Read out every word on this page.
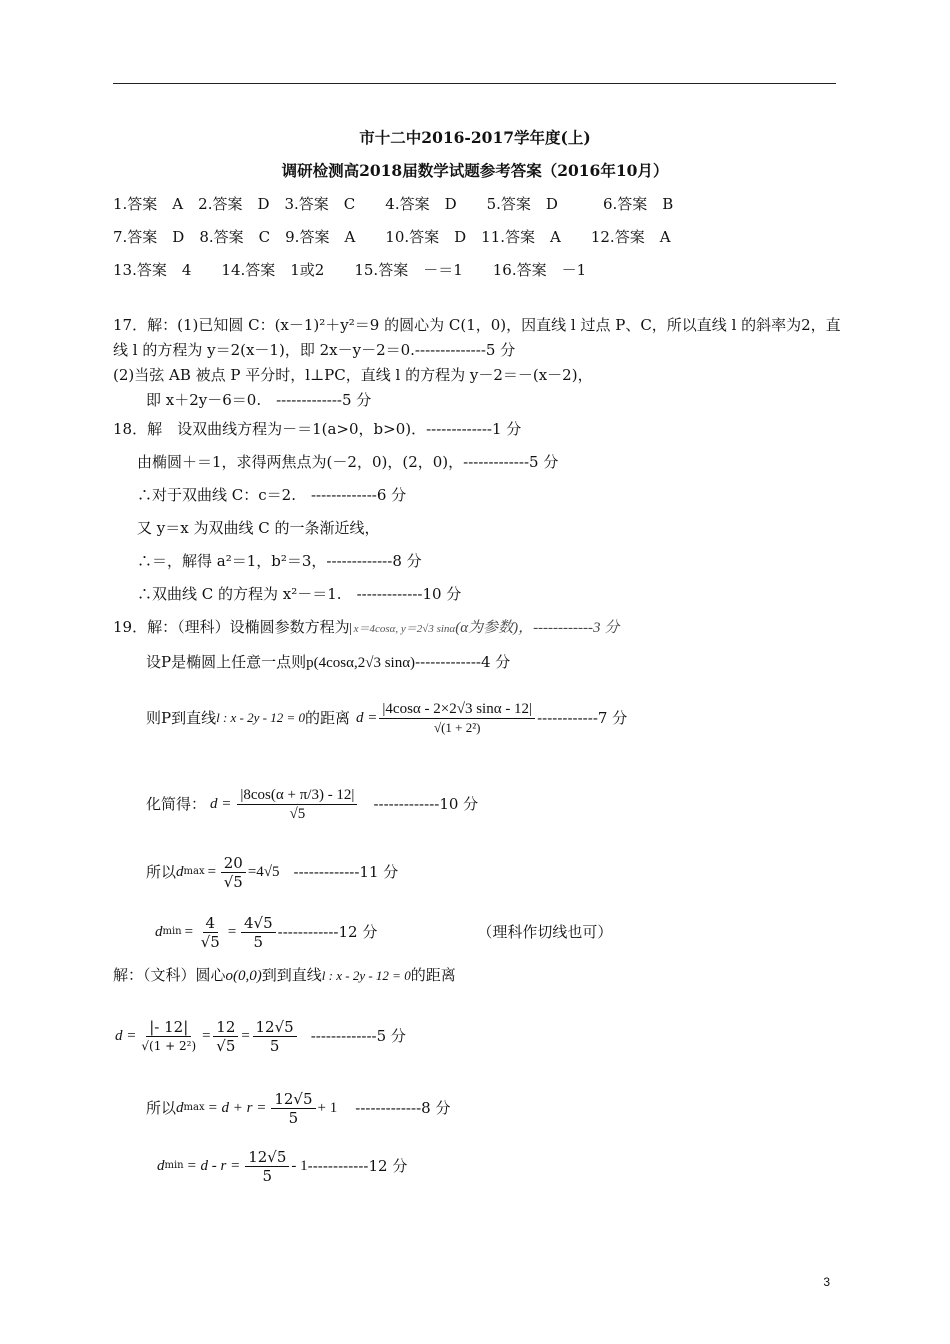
市十二中2016-2017学年度(上)
调研检测高2018届数学试题参考答案（2016年10月）
1.答案　A　2.答案　D　3.答案　C　　4.答案　D　　5.答案　D　　　6.答案　B
7.答案　D　8.答案　C　9.答案　A　　10.答案　D　11.答案　A　　12.答案　A
13.答案　4　　14.答案　1或2　　15.答案　－＝1　　16.答案　－1
17．解：(1)已知圆 C：(x－1)²＋y²＝9 的圆心为 C(1，0)，因直线 l 过点 P、C，所以直线 l 的斜率为2，直
线 l 的方程为 y＝2(x－1)，即 2x－y－2＝0.--------------5 分
(2)当弦 AB 被点 P 平分时，l⊥PC，直线 l 的方程为 y－2＝－(x－2)，
即 x＋2y－6＝0.　-------------5 分
18．解　设双曲线方程为－＝1(a>0，b>0)．-------------1 分
由椭圆＋＝1，求得两焦点为(－2，0)，(2，0)，-------------5 分
∴对于双曲线 C：c＝2.　-------------6 分
又 y＝x 为双曲线 C 的一条渐近线，
∴＝，解得 a²＝1，b²＝3，-------------8 分
∴双曲线 C 的方程为 x²－＝1.　-------------10 分
19．解：（理科）设椭圆参数方程为 x＝4cosα, y＝2√3 sinα(α为参数)，------------3 分
设P是椭圆上任意一点则p(4cosα,2√3 sinα)-------------4 分
则P到直线 l : x - 2y - 12 = 0 的距离 $d = \frac{|4\cos\alpha - 2\times 2√3 \sin\alpha - 12|}{\text{√(1 + 2²)}} ------------7$ 分
化简得： $d = \frac{|8\cos(\alpha + \pi/3) - 12|}{√5} -------------10$ 分
所以 d $\max = \frac{20}{√5} =4√5$ -------------11 分
d $\min = \frac{4}{√5} = \frac{4√5}{5} ------------12$ 分	（理科作切线也可）
解：（文科）圆心o(0,0)到到直线l : x - 2y - 12 = 0的距离
$d = \frac{|- 12|}{\text{√(1 + 2²)}} = \frac{12}{√5} = \frac{12√5}{5} -------------5$ 分
所以 d $\max = d + r = \frac{12√5}{5} + 1$ -------------8 分
d $\min = d - r = \frac{12√5}{5} - 1$ ------------12 分
3
